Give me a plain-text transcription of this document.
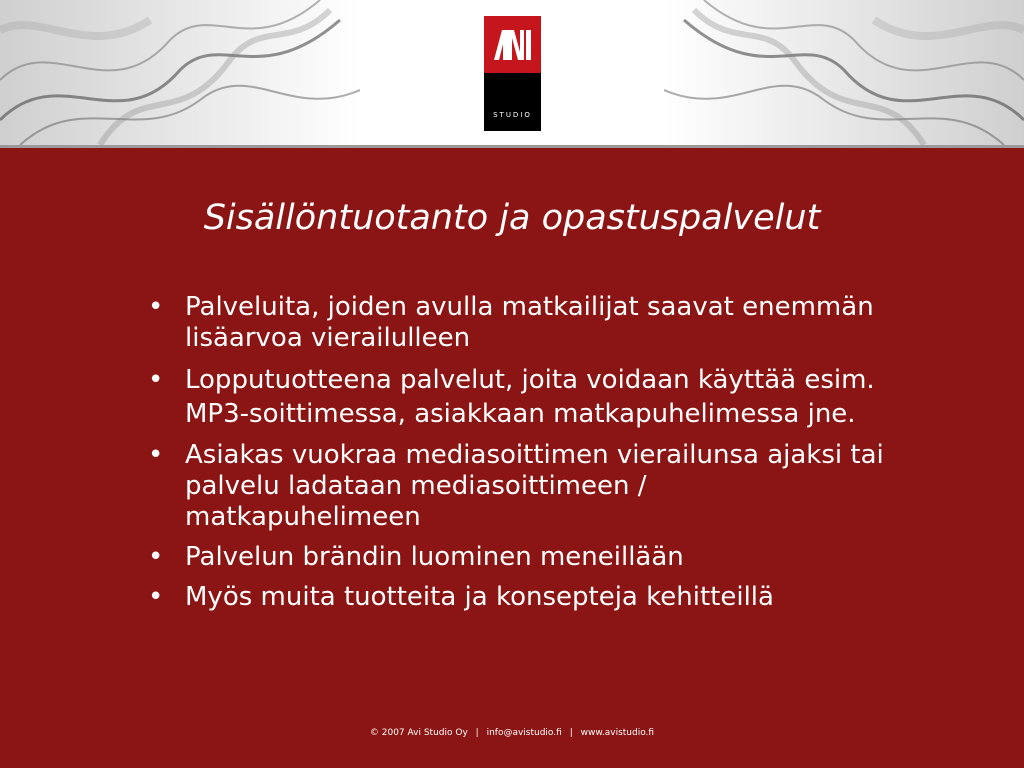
STUDIO
Sisällöntuotanto ja opastuspalvelut
• Palveluita, joiden avulla matkailijat saavat enemmän lisäarvoa vierailulleen
• Lopputuotteena palvelut, joita voidaan käyttää esim. MP3-soittimessa, asiakkaan matkapuhelimessa jne.
• Asiakas vuokraa mediasoittimen vierailunsa ajaksi tai palvelu ladataan mediasoittimeen / matkapuhelimeen
• Palvelun brändin luominen meneillään
• Myös muita tuotteita ja konsepteja kehitteillä
© 2007 Avi Studio Oy | info@avistudio.fi | www.avistudio.fi
